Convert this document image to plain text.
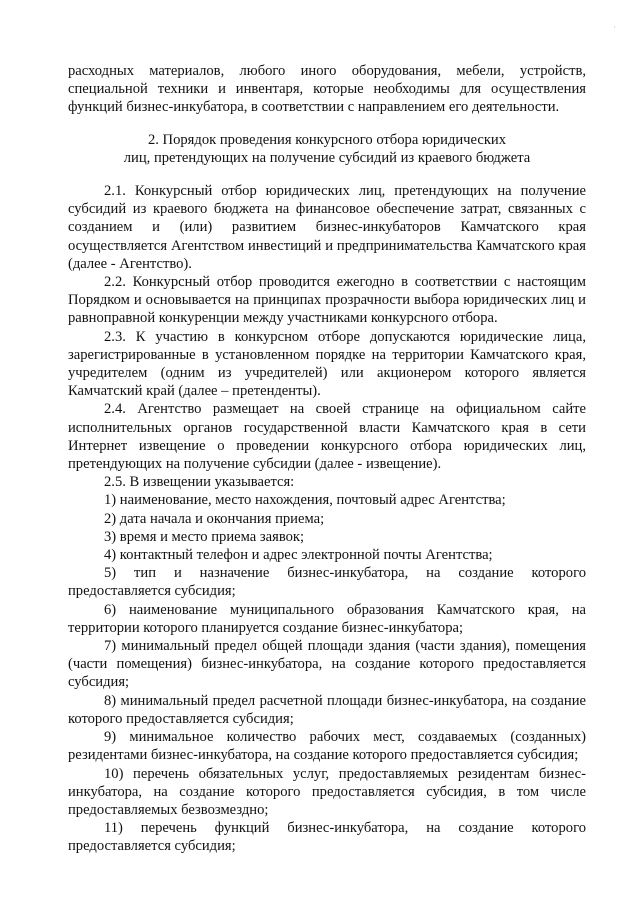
·
расходных материалов, любого иного оборудования, мебели, устройств, специальной техники и инвентаря, которые необходимы для осуществления функций бизнес-инкубатора, в соответствии с направлением его деятельности.
2. Порядок проведения конкурсного отбора юридических
лиц, претендующих на получение субсидий из краевого бюджета

2.1. Конкурсный отбор юридических лиц, претендующих на получение субсидий из краевого бюджета на финансовое обеспечение затрат, связанных с созданием и (или) развитием бизнес-инкубаторов Камчатского края осуществляется Агентством инвестиций и предпринимательства Камчатского края (далее - Агентство).

2.2. Конкурсный отбор проводится ежегодно в соответствии с настоящим Порядком и основывается на принципах прозрачности выбора юридических лиц и равноправной конкуренции между участниками конкурсного отбора.

2.3. К участию в конкурсном отборе допускаются юридические лица, зарегистрированные в установленном порядке на территории Камчатского края, учредителем (одним из учредителей) или акционером которого является Камчатский край (далее – претенденты).

2.4. Агентство размещает на своей странице на официальном сайте исполнительных органов государственной власти Камчатского края в сети Интернет извещение о проведении конкурсного отбора юридических лиц, претендующих на получение субсидии (далее - извещение).

2.5. В извещении указывается:

1) наименование, место нахождения, почтовый адрес Агентства;

2) дата начала и окончания приема;

3) время и место приема заявок;

4) контактный телефон и адрес электронной почты Агентства;

5) тип и назначение бизнес-инкубатора, на создание которого предоставляется субсидия;

6) наименование муниципального образования Камчатского края, на территории которого планируется создание бизнес-инкубатора;

7) минимальный предел общей площади здания (части здания), помещения (части помещения) бизнес-инкубатора, на создание которого предоставляется субсидия;

8) минимальный предел расчетной площади бизнес-инкубатора, на создание которого предоставляется субсидия;

9) минимальное количество рабочих мест, создаваемых (созданных) резидентами бизнес-инкубатора, на создание которого предоставляется субсидия;

10) перечень обязательных услуг, предоставляемых резидентам бизнес-инкубатора, на создание которого предоставляется субсидия, в том числе предоставляемых безвозмездно;

11) перечень функций бизнес-инкубатора, на создание которого предоставляется субсидия;
